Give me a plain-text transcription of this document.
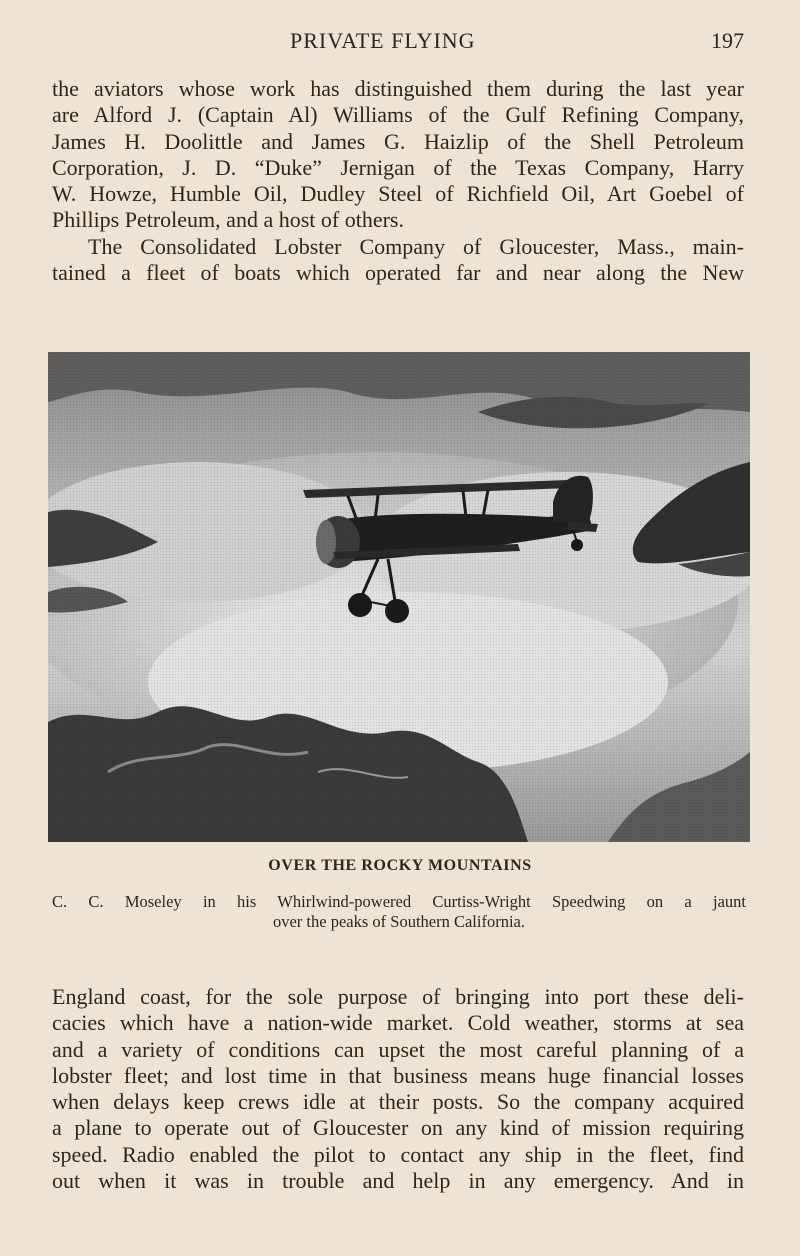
PRIVATE FLYING	197
the aviators whose work has distinguished them during the last year
are Alford J. (Captain Al) Williams of the Gulf Refining Company,
James H. Doolittle and James G. Haizlip of the Shell Petroleum
Corporation, J. D. “Duke” Jernigan of the Texas Company, Harry
W. Howze, Humble Oil, Dudley Steel of Richfield Oil, Art Goebel of
Phillips Petroleum, and a host of others.
The Consolidated Lobster Company of Gloucester, Mass., main-
tained a fleet of boats which operated far and near along the New
OVER THE ROCKY MOUNTAINS
C. C. Moseley in his Whirlwind-powered Curtiss-Wright Speedwing on a jaunt
over the peaks of Southern California.
England coast, for the sole purpose of bringing into port these deli-
cacies which have a nation-wide market. Cold weather, storms at sea
and a variety of conditions can upset the most careful planning of a
lobster fleet; and lost time in that business means huge financial losses
when delays keep crews idle at their posts. So the company acquired
a plane to operate out of Gloucester on any kind of mission requiring
speed. Radio enabled the pilot to contact any ship in the fleet, find
out when it was in trouble and help in any emergency. And in
